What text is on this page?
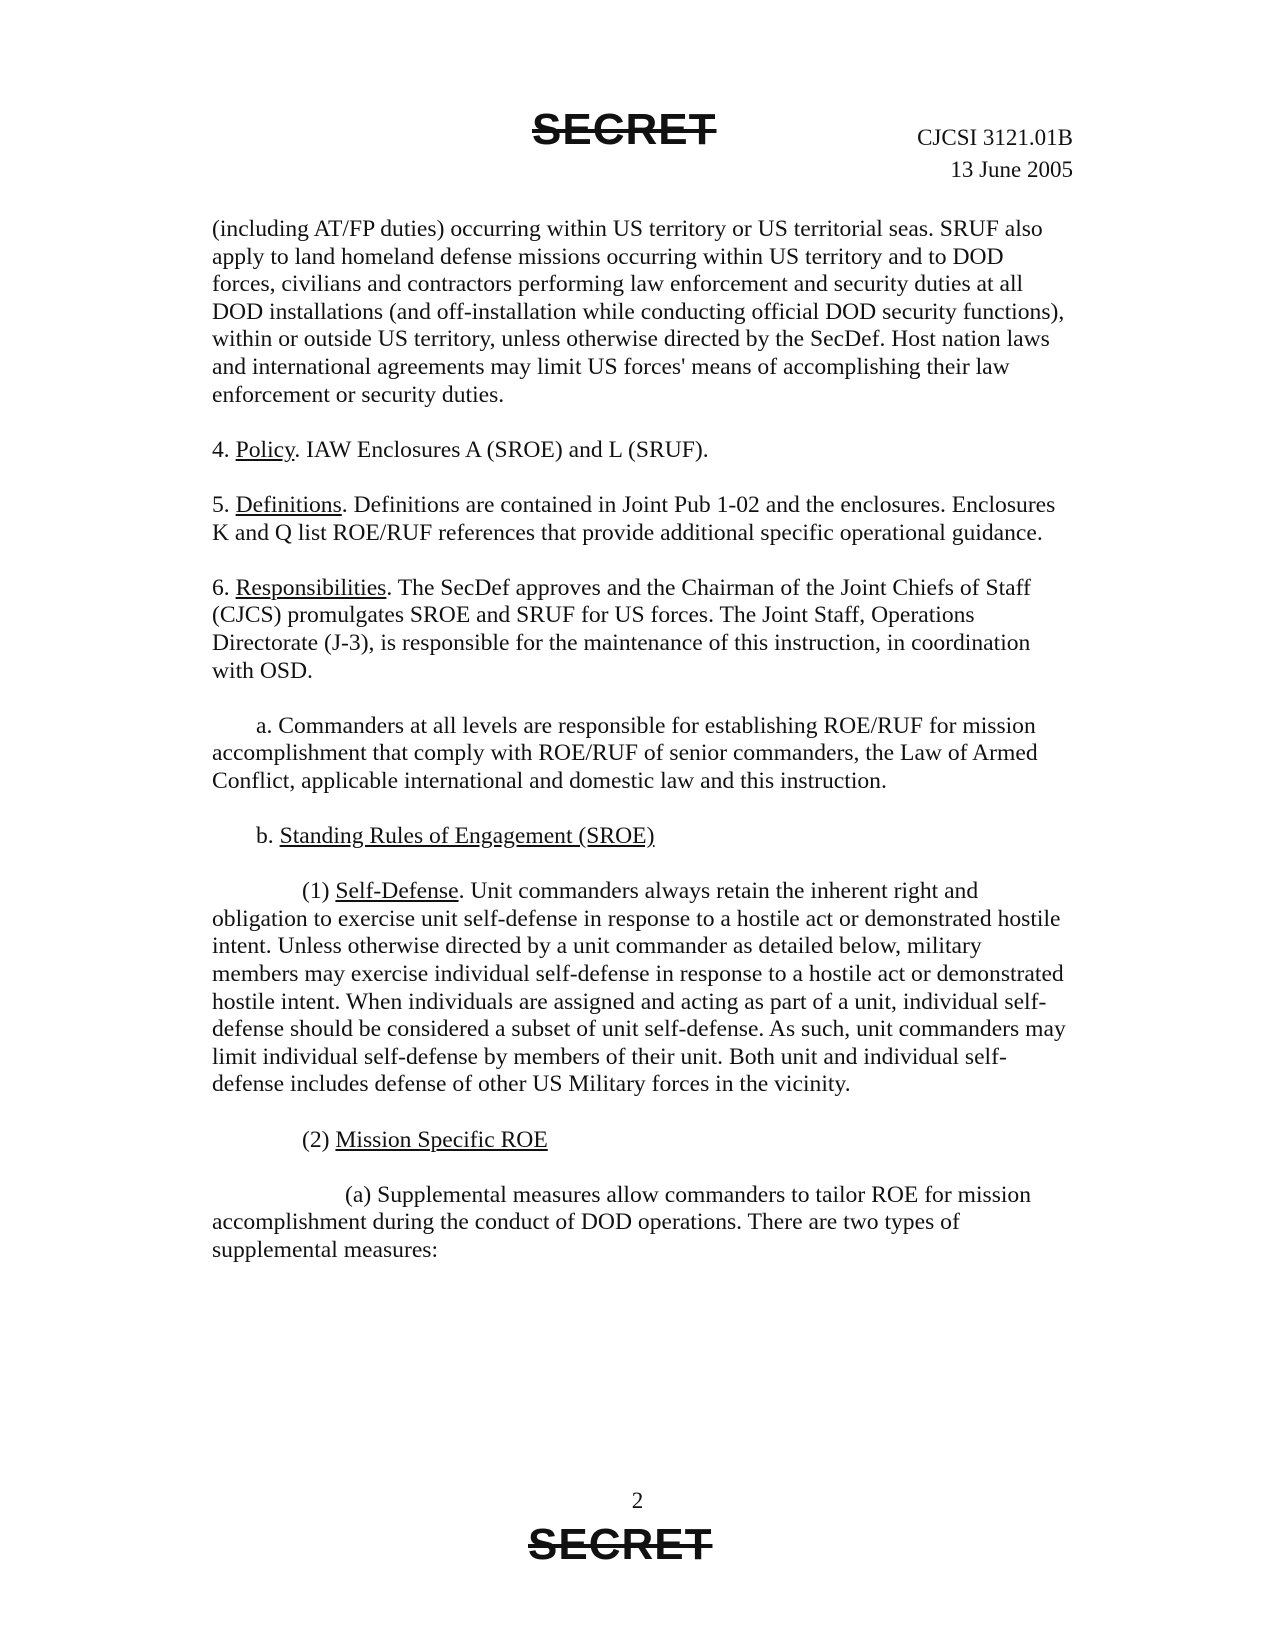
SECRET	CJCSI 3121.01B
13 June 2005

(including AT/FP duties) occurring within US territory or US territorial seas. SRUF also apply to land homeland defense missions occurring within US territory and to DOD forces, civilians and contractors performing law enforcement and security duties at all DOD installations (and off-installation while conducting official DOD security functions), within or outside US territory, unless otherwise directed by the SecDef. Host nation laws and international agreements may limit US forces' means of accomplishing their law enforcement or security duties.

4. Policy. IAW Enclosures A (SROE) and L (SRUF).

5. Definitions. Definitions are contained in Joint Pub 1-02 and the enclosures. Enclosures K and Q list ROE/RUF references that provide additional specific operational guidance.

6. Responsibilities. The SecDef approves and the Chairman of the Joint Chiefs of Staff (CJCS) promulgates SROE and SRUF for US forces. The Joint Staff, Operations Directorate (J-3), is responsible for the maintenance of this instruction, in coordination with OSD.

a. Commanders at all levels are responsible for establishing ROE/RUF for mission accomplishment that comply with ROE/RUF of senior commanders, the Law of Armed Conflict, applicable international and domestic law and this instruction.

b. Standing Rules of Engagement (SROE)

(1) Self-Defense. Unit commanders always retain the inherent right and obligation to exercise unit self-defense in response to a hostile act or demonstrated hostile intent. Unless otherwise directed by a unit commander as detailed below, military members may exercise individual self-defense in response to a hostile act or demonstrated hostile intent. When individuals are assigned and acting as part of a unit, individual self-defense should be considered a subset of unit self-defense. As such, unit commanders may limit individual self-defense by members of their unit. Both unit and individual self-defense includes defense of other US Military forces in the vicinity.

(2) Mission Specific ROE

(a) Supplemental measures allow commanders to tailor ROE for mission accomplishment during the conduct of DOD operations. There are two types of supplemental measures:

2
SECRET
